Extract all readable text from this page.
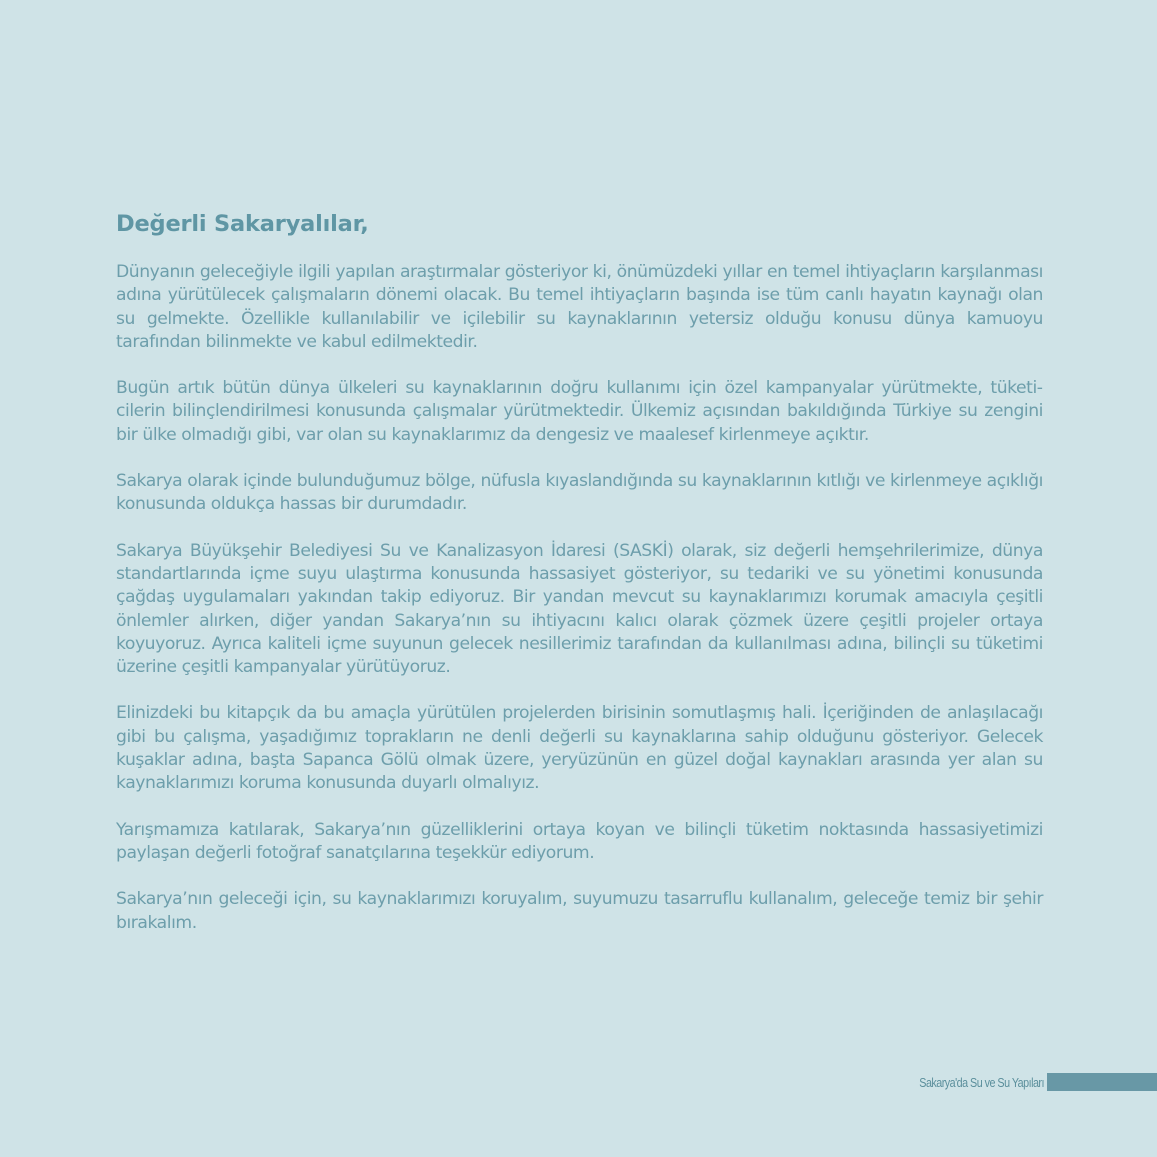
Değerli Sakaryalılar,

Dünyanın geleceğiyle ilgili yapılan araştırmalar gösteriyor ki, önümüzdeki yıllar en temel ihtiyaçların karşılanması adına yürütülecek çalışmaların dönemi olacak. Bu temel ihtiyaçların başında ise tüm canlı hayatın kaynağı olan su gelmekte. Özellikle kullanılabilir ve içilebilir su kaynaklarının yetersiz olduğu konusu dünya kamuoyu tarafından bilinmekte ve kabul edilmektedir.

Bugün artık bütün dünya ülkeleri su kaynaklarının doğru kullanımı için özel kampanyalar yürütmekte, tüketicilerin bilinçlendirilmesi konusunda çalışmalar yürütmektedir. Ülkemiz açısından bakıldığında Türkiye su zengini bir ülke olmadığı gibi, var olan su kaynaklarımız da dengesiz ve maalesef kirlenmeye açıktır.

Sakarya olarak içinde bulunduğumuz bölge, nüfusla kıyaslandığında su kaynaklarının kıtlığı ve kirlenmeye açıklığı konusunda oldukça hassas bir durumdadır.

Sakarya Büyükşehir Belediyesi Su ve Kanalizasyon İdaresi (SASKİ) olarak, siz değerli hemşehrilerimize, dünya standartlarında içme suyu ulaştırma konusunda hassasiyet gösteriyor, su tedariki ve su yönetimi konusunda çağdaş uygulamaları yakından takip ediyoruz. Bir yandan mevcut su kaynaklarımızı korumak amacıyla çeşitli önlemler alırken, diğer yandan Sakarya’nın su ihtiyacını kalıcı olarak çözmek üzere çeşitli projeler ortaya koyuyoruz. Ayrıca kaliteli içme suyunun gelecek nesillerimiz tarafından da kullanılması adına, bilinçli su tüketimi üzerine çeşitli kampanyalar yürütüyoruz.

Elinizdeki bu kitapçık da bu amaçla yürütülen projelerden birisinin somutlaşmış hali. İçeriğinden de anlaşılacağı gibi bu çalışma, yaşadığımız toprakların ne denli değerli su kaynaklarına sahip olduğunu gösteriyor. Gelecek kuşaklar adına, başta Sapanca Gölü olmak üzere, yeryüzünün en güzel doğal kaynakları arasında yer alan su kaynaklarımızı koruma konusunda duyarlı olmalıyız.

Yarışmamıza katılarak, Sakarya’nın güzelliklerini ortaya koyan ve bilinçli tüketim noktasında hassasiyetimizi paylaşan değerli fotoğraf sanatçılarına teşekkür ediyorum.

Sakarya’nın geleceği için, su kaynaklarımızı koruyalım, suyumuzu tasarruflu kullanalım, geleceğe temiz bir şehir bırakalım.

Sakarya'da Su ve Su Yapıları
